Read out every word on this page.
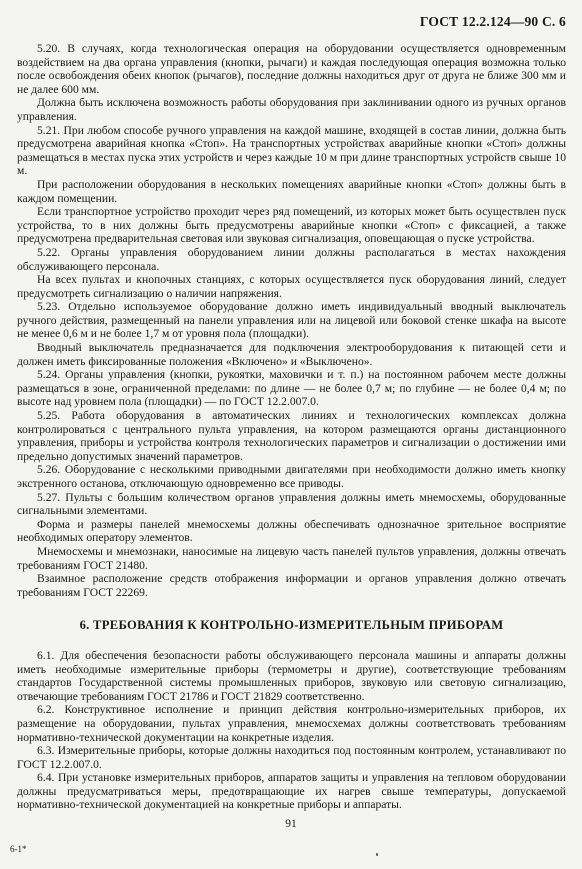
ГОСТ 12.2.124—90 С. 6

5.20. В случаях, когда технологическая операция на оборудовании осуществляется одновременным воздействием на два органа управления (кнопки, рычаги) и каждая последующая операция возможна только после освобождения обеих кнопок (рычагов), последние должны находиться друг от друга не ближе 300 мм и не далее 600 мм.

Должна быть исключена возможность работы оборудования при заклинивании одного из ручных органов управления.

5.21. При любом способе ручного управления на каждой машине, входящей в состав линии, должна быть предусмотрена аварийная кнопка «Стоп». На транспортных устройствах аварийные кнопки «Стоп» должны размещаться в местах пуска этих устройств и через каждые 10 м при длине транспортных устройств свыше 10 м.

При расположении оборудования в нескольких помещениях аварийные кнопки «Стоп» должны быть в каждом помещении.

Если транспортное устройство проходит через ряд помещений, из которых может быть осуществлен пуск устройства, то в них должны быть предусмотрены аварийные кнопки «Стоп» с фиксацией, а также предусмотрена предварительная световая или звуковая сигнализация, оповещающая о пуске устройства.

5.22. Органы управления оборудованием линии должны располагаться в местах нахождения обслуживающего персонала.

На всех пультах и кнопочных станциях, с которых осуществляется пуск оборудования линий, следует предусмотреть сигнализацию о наличии напряжения.

5.23. Отдельно используемое оборудование должно иметь индивидуальный вводный выключатель ручного действия, размещенный на панели управления или на лицевой или боковой стенке шкафа на высоте не менее 0,6 м и не более 1,7 м от уровня пола (площадки).

Вводный выключатель предназначается для подключения электрооборудования к питающей сети и должен иметь фиксированные положения «Включено» и «Выключено».

5.24. Органы управления (кнопки, рукоятки, маховички и т. п.) на постоянном рабочем месте должны размещаться в зоне, ограниченной пределами: по длине — не более 0,7 м; по глубине — не более 0,4 м; по высоте над уровнем пола (площадки) — по ГОСТ 12.2.007.0.

5.25. Работа оборудования в автоматических линиях и технологических комплексах должна контролироваться с центрального пульта управления, на котором размещаются органы дистанционного управления, приборы и устройства контроля технологических параметров и сигнализации о достижении ими предельно допустимых значений параметров.

5.26. Оборудование с несколькими приводными двигателями при необходимости должно иметь кнопку экстренного останова, отключающую одновременно все приводы.

5.27. Пульты с большим количеством органов управления должны иметь мнемосхемы, оборудованные сигнальными элементами.

Форма и размеры панелей мнемосхемы должны обеспечивать однозначное зрительное восприятие необходимых оператору элементов.

Мнемосхемы и мнемознаки, наносимые на лицевую часть панелей пультов управления, должны отвечать требованиям ГОСТ 21480.

Взаимное расположение средств отображения информации и органов управления должно отвечать требованиям ГОСТ 22269.

6. ТРЕБОВАНИЯ К КОНТРОЛЬНО-ИЗМЕРИТЕЛЬНЫМ ПРИБОРАМ

6.1. Для обеспечения безопасности работы обслуживающего персонала машины и аппараты должны иметь необходимые измерительные приборы (термометры и другие), соответствующие требованиям стандартов Государственной системы промышленных приборов, звуковую или световую сигнализацию, отвечающие требованиям ГОСТ 21786 и ГОСТ 21829 соответственно.

6.2. Конструктивное исполнение и принцип действия контрольно-измерительных приборов, их размещение на оборудовании, пультах управления, мнемосхемах должны соответствовать требованиям нормативно-технической документации на конкретные изделия.

6.3. Измерительные приборы, которые должны находиться под постоянным контролем, устанавливают по ГОСТ 12.2.007.0.

6.4. При установке измерительных приборов, аппаратов защиты и управления на тепловом оборудовании должны предусматриваться меры, предотвращающие их нагрев свыше температуры, допускаемой нормативно-технической документацией на конкретные приборы и аппараты.

91
6-1*
